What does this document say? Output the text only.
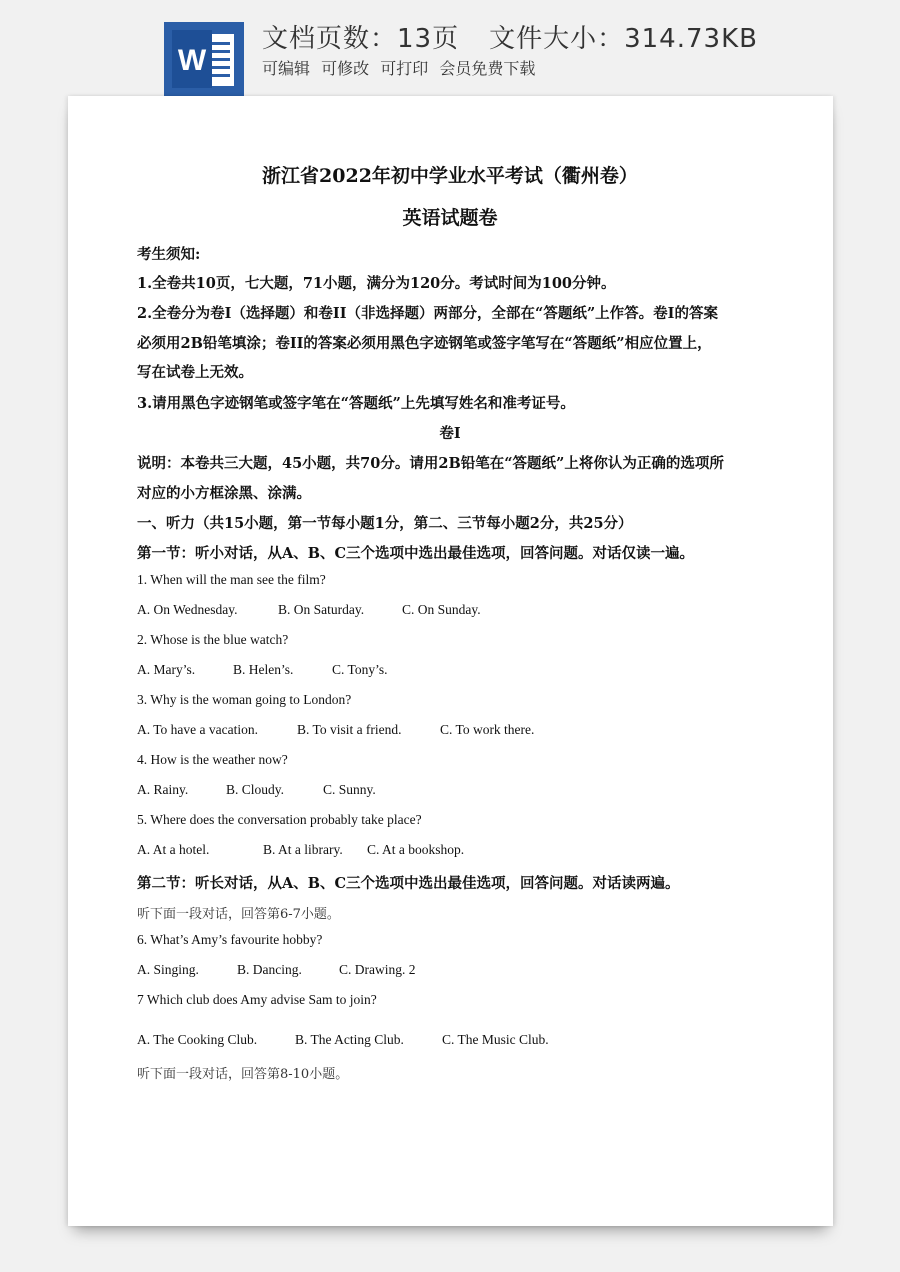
W
文档页数：13页 文件大小：314.73KB
可编辑 可修改 可打印 会员免费下载
浙江省2022年初中学业水平考试（衢州卷）
英语试题卷
考生须知:
1.全卷共10页，七大题，71小题，满分为120分。考试时间为100分钟。
2.全卷分为卷I（选择题）和卷II（非选择题）两部分，全部在“答题纸”上作答。卷I的答案
必须用2B铅笔填涂；卷II的答案必须用黑色字迹钢笔或签字笔写在“答题纸”相应位置上，
写在试卷上无效。
3.请用黑色字迹钢笔或签字笔在“答题纸”上先填写姓名和准考证号。
卷I
说明：本卷共三大题，45小题，共70分。请用2B铅笔在“答题纸”上将你认为正确的选项所
对应的小方框涂黑、涂满。
一、听力（共15小题，第一节每小题1分，第二、三节每小题2分，共25分）
第一节：听小对话，从A、B、C三个选项中选出最佳选项，回答问题。对话仅读一遍。
1. When will the man see the film?
A. On Wednesday.	B. On Saturday.	C. On Sunday.
2. Whose is the blue watch?
A. Mary’s.	B. Helen’s.	C. Tony’s.
3. Why is the woman going to London?
A. To have a vacation.	B. To visit a friend.	C. To work there.
4. How is the weather now?
A. Rainy.	B. Cloudy.	C. Sunny.
5. Where does the conversation probably take place?
A. At a hotel.	B. At a library. C. At a bookshop.
第二节：听长对话，从A、B、C三个选项中选出最佳选项，回答问题。对话读两遍。
听下面一段对话，回答第6-7小题。
6. What’s Amy’s favourite hobby?
A. Singing.	B. Dancing.	C. Drawing. 2
7 Which club does Amy advise Sam to join?
A. The Cooking Club.	B. The Acting Club.	C. The Music Club.
听下面一段对话，回答第8-10小题。
